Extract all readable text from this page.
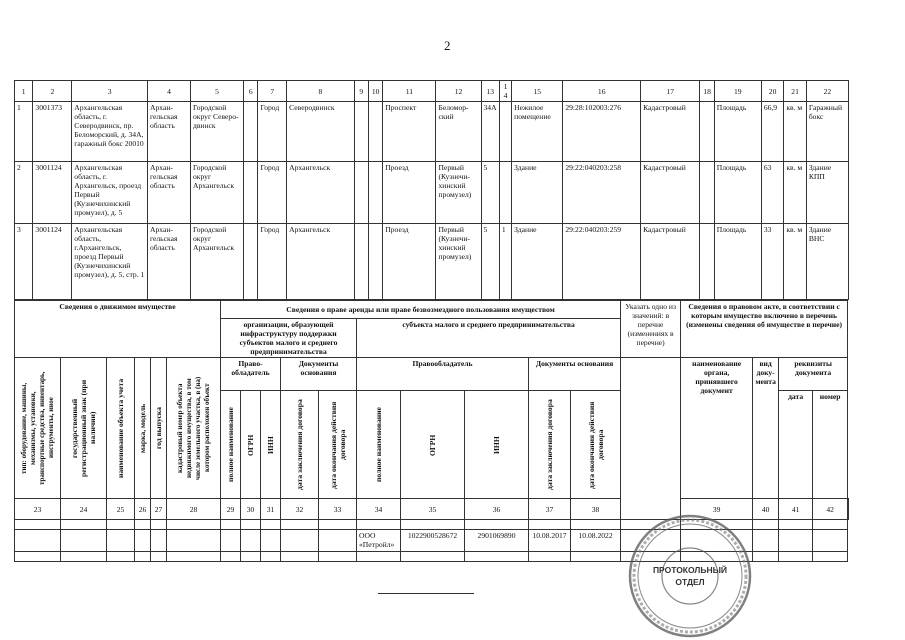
2
1	2	3	4	5	6	7	8	9	10	11	12	13	14	15	16	17	18	19	20	21	22
1	3001373	Архангельская область, г. Северодвинск, пр. Беломорский, д. 34А, гаражный бокс 20010	Архан-гельская область	Городской округ Северо-двинск		Город	Северодвинск			Проспект	Беломор-ский	34А		Нежилое помещение	29:28:102003:276	Кадастровый		Площадь	66,9	кв. м	Гаражный бокс
2	3001124	Архангельская область, г. Архангельск, проезд Первый (Кузнечихинский промузел), д. 5	Архан-гельская область	Городской округ Архангельск		Город	Архангельск			Проезд	Первый (Кузнечи-хинский промузел)	5		Здание	29:22:040203:258	Кадастровый		Площадь	63	кв. м	Здание КПП
3	3001124	Архангельская область, г.Архангельск, проезд Первый (Кузнечихинский промузел), д. 5, стр. 1	Архан-гельская область	Городской округ Архангельск		Город	Архангельск			Проезд	Первый (Кузнечи-хинский промузел)	5	1	Здание	29:22:040203:259	Кадастровый		Площадь	33	кв. м	Здание ВНС
Сведения о движимом имуществе						Сведения о праве аренды или праве безвозмездного пользования имуществом										Указать одно из значений: в перечне (изменениях в перечне)	Сведения о правовом акте, в соответствии с которым имущество включено в перечень (изменены сведения об имуществе в перечне)				
						организации, образующей инфраструктуру поддержки субъектов малого и среднего предпринимательства					субъекта малого и среднего предпринимательства										

тип: оборудование, машины, механизмы, установки, транспортные средства, инвентарь, инструменты, иное	государственный регистрационный знак (при наличии)	наименование объекта учета	марка, модель	год выпуска	кадастровый номер объекта недвижимого имущества, в том числе земельного участка, в (на) котором расположен объект	Право-обладатель			Документы основания		Правообладатель			Документы основания			наименование органа, принявшего документ	вид доку-мента	реквизиты документа		

						полное наименование	ОГРН	ИНН	дата заключения договора	дата окончания действия договора	полное наименование	ОГРН	ИНН	дата заключения договора	дата окончания действия договора				дата	номер	
23	24	25	26	27	28	29	30	31	32	33	34	35	36	37	38		39	40	41	42	

											ООО «Петройл»	1022900528672	2901069890	10.08.2017	10.08.2022						

ПРОТОКОЛЬНЫЙ
ОТДЕЛ
